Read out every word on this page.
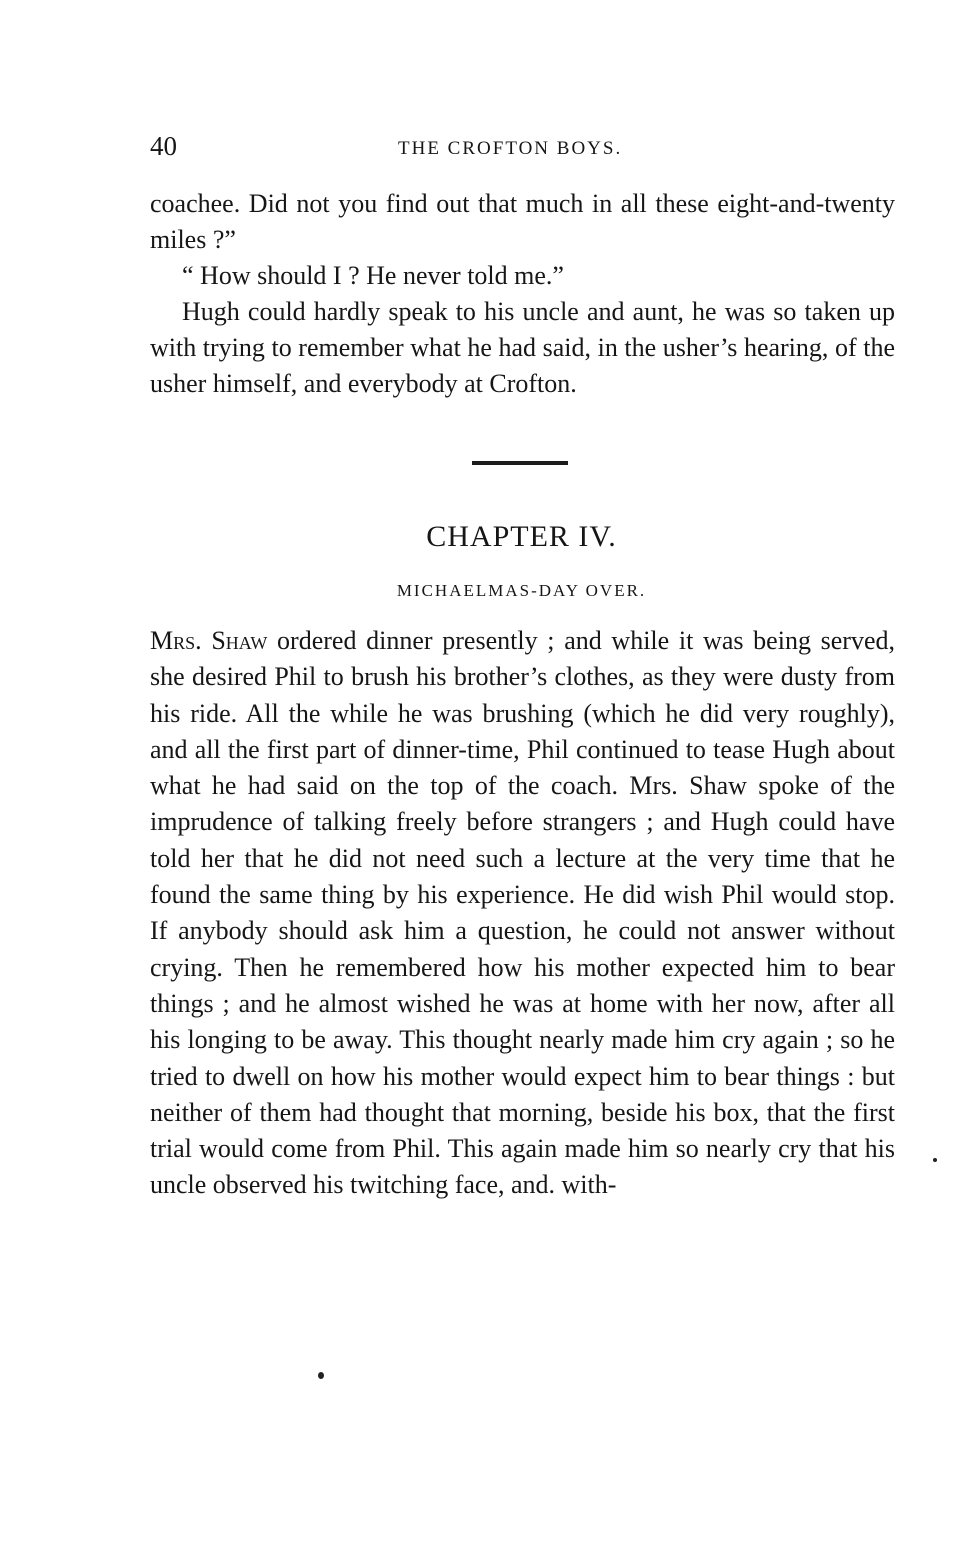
40	THE CROFTON BOYS.

coachee. Did not you find out that much in all these eight-and-twenty miles ?”

“ How should I ? He never told me.”

Hugh could hardly speak to his uncle and aunt, he was so taken up with trying to remember what he had said, in the usher’s hearing, of the usher himself, and everybody at Crofton.

CHAPTER IV.
MICHAELMAS-DAY OVER.

Mrs. Shaw ordered dinner presently ; and while it was being served, she desired Phil to brush his brother’s clothes, as they were dusty from his ride. All the while he was brushing (which he did very roughly), and all the first part of dinner-time, Phil continued to tease Hugh about what he had said on the top of the coach. Mrs. Shaw spoke of the imprudence of talking freely before strangers ; and Hugh could have told her that he did not need such a lecture at the very time that he found the same thing by his experience. He did wish Phil would stop. If anybody should ask him a question, he could not answer without crying. Then he remembered how his mother expected him to bear things ; and he almost wished he was at home with her now, after all his longing to be away. This thought nearly made him cry again ; so he tried to dwell on how his mother would expect him to bear things : but neither of them had thought that morning, beside his box, that the first trial would come from Phil. This again made him so nearly cry that his uncle observed his twitching face, and. with-
